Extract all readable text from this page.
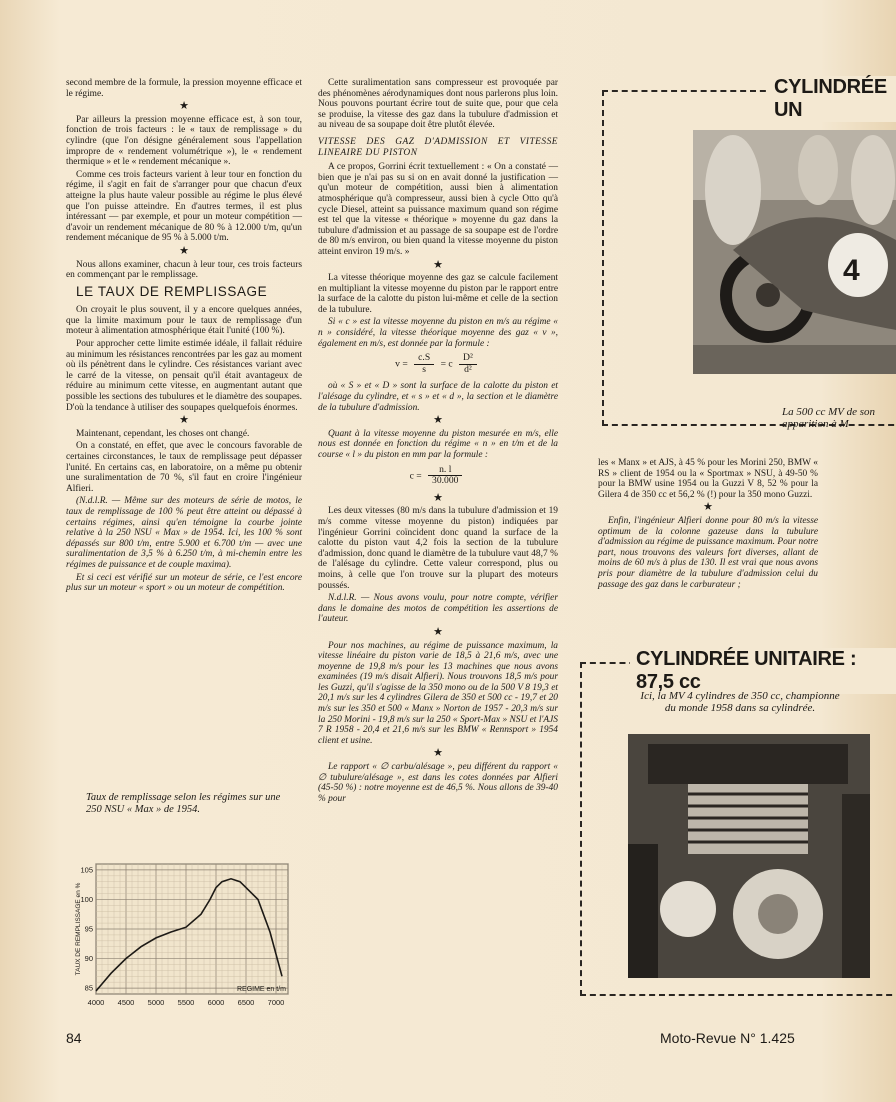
second membre de la formule, la pression moyenne efficace et le régime.

★

Par ailleurs la pression moyenne efficace est, à son tour, fonction de trois facteurs : le « taux de remplissage » du cylindre (que l'on désigne généralement sous l'appellation impropre de « rendement volumétrique »), le « rendement thermique » et le « rendement mécanique ».

Comme ces trois facteurs varient à leur tour en fonction du régime, il s'agit en fait de s'arranger pour que chacun d'eux atteigne la plus haute valeur possible au régime le plus élevé que l'on puisse atteindre. En d'autres termes, il est plus intéressant — par exemple, et pour un moteur compétition — d'avoir un rendement mécanique de 80 % à 12.000 t/m, qu'un rendement mécanique de 95 % à 5.000 t/m.

★

Nous allons examiner, chacun à leur tour, ces trois facteurs en commençant par le remplissage.

LE TAUX DE REMPLISSAGE

On croyait le plus souvent, il y a encore quelques années, que la limite maximum pour le taux de remplissage d'un moteur à alimentation atmosphérique était l'unité (100 %).

Pour approcher cette limite estimée idéale, il fallait réduire au minimum les résistances rencontrées par les gaz au moment où ils pénètrent dans le cylindre. Ces résistances variant avec le carré de la vitesse, on pensait qu'il était avantageux de réduire au minimum cette vitesse, en augmentant autant que possible les sections des tubulures et le diamètre des soupapes. D'où la tendance à utiliser des soupapes quelquefois énormes.

★

Maintenant, cependant, les choses ont changé.

On a constaté, en effet, que avec le concours favorable de certaines circonstances, le taux de remplissage peut dépasser l'unité. En certains cas, en laboratoire, on a même pu obtenir une suralimentation de 70 %, s'il faut en croire l'ingénieur Alfieri.

(N.d.l.R. — Même sur des moteurs de série de motos, le taux de remplissage de 100 % peut être atteint ou dépassé à certains régimes, ainsi qu'en témoigne la courbe jointe relative à la 250 NSU « Max » de 1954. Ici, les 100 % sont dépassés sur 800 t/m, entre 5.900 et 6.700 t/m — avec une suralimentation de 3,5 % à 6.250 t/m, à mi-chemin entre les régimes de puissance et de couple maxima).

Et si ceci est vérifié sur un moteur de série, ce l'est encore plus sur un moteur « sport » ou un moteur de compétition.

Taux de remplissage selon les régimes sur une 250 NSU « Max » de 1954.
4000 4500 5000 5500 6000 6500 7000
85
90
95
100
105
REGIME en t/m
TAUX DE REMPLISSAGE en %

Cette suralimentation sans compresseur est provoquée par des phénomènes aérodynamiques dont nous parlerons plus loin. Nous pouvons pourtant écrire tout de suite que, pour que cela se produise, la vitesse des gaz dans la tubulure d'admission et au niveau de sa soupape doit être plutôt élevée.

VITESSE DES GAZ D'ADMISSION ET VITESSE LINEAIRE DU PISTON

A ce propos, Gorrini écrit textuellement : « On a constaté — bien que je n'ai pas su si on en avait donné la justification — qu'un moteur de compétition, aussi bien à alimentation atmosphérique qu'à compresseur, aussi bien à cycle Otto qu'à cycle Diesel, atteint sa puissance maximum quand son régime est tel que la vitesse « théorique » moyenne du gaz dans la tubulure d'admission et au passage de sa soupape est de l'ordre de 80 m/s environ, ou bien quand la vitesse moyenne du piston atteint environ 19 m/s. »

★

La vitesse théorique moyenne des gaz se calcule facilement en multipliant la vitesse moyenne du piston par le rapport entre la surface de la calotte du piston lui-même et celle de la section de la tubulure.

Si « c » est la vitesse moyenne du piston en m/s au régime « n » considéré, la vitesse théorique moyenne des gaz « v », également en m/s, est donnée par la formule :

$v = \frac{c.S}{s} = c \frac{\text{D²}}{\text{d²}}$

où « S » et « D » sont la surface de la calotte du piston et l'alésage du cylindre, et « s » et « d », la section et le diamètre de la tubulure d'admission.

★

Quant à la vitesse moyenne du piston mesurée en m/s, elle nous est donnée en fonction du régime « n » en t/m et de la course « l » du piston en mm par la formule :

$c = \frac{n. l}{30.000}$
★

Les deux vitesses (80 m/s dans la tubulure d'admission et 19 m/s comme vitesse moyenne du piston) indiquées par l'ingénieur Gorrini coïncident donc quand la surface de la calotte du piston vaut 4,2 fois la section de la tubulure d'admission, donc quand le diamètre de la tubulure vaut 48,7 % de l'alésage du cylindre. Cette valeur correspond, plus ou moins, à celle que l'on trouve sur la plupart des moteurs poussés.

N.d.l.R. — Nous avons voulu, pour notre compte, vérifier dans le domaine des motos de compétition les assertions de l'auteur.

★

Pour nos machines, au régime de puissance maximum, la vitesse linéaire du piston varie de 18,5 à 21,6 m/s, avec une moyenne de 19,8 m/s pour les 13 machines que nous avons examinées (19 m/s disait Alfieri). Nous trouvons 18,5 m/s pour les Guzzi, qu'il s'agisse de la 350 mono ou de la 500 V 8 19,3 et 20,1 m/s sur les 4 cylindres Gilera de 350 et 500 cc - 19,7 et 20 m/s sur les 350 et 500 « Manx » Norton de 1957 - 20,3 m/s sur la 250 Morini - 19,8 m/s sur la 250 « Sport-Max » NSU et l'AJS 7 R 1958 - 20,4 et 21,6 m/s sur les BMW « Rennsport » 1954 client et usine.

★

Le rapport « ∅ carbu/alésage », peu différent du rapport « ∅ tubulure/alésage », est dans les cotes données par Alfieri (45-50 %) : notre moyenne est de 46,5 %. Nous allons de 39-40 % pour

CYLINDRÉE UN
4
La 500 cc MV de son apparition à M

les « Manx » et AJS, à 45 % pour les Morini 250, BMW « RS » client de 1954 ou la « Sportmax » NSU, à 49-50 % pour la BMW usine 1954 ou la Guzzi V 8, 52 % pour la Gilera 4 de 350 cc et 56,2 % (!) pour la 350 mono Guzzi.

★

Enfin, l'ingénieur Alfieri donne pour 80 m/s la vitesse optimum de la colonne gazeuse dans la tubulure d'admission au régime de puissance maximum. Pour notre part, nous trouvons des valeurs fort diverses, allant de moins de 60 m/s à plus de 130. Il est vrai que nous avons pris pour diamètre de la tubulure d'admission celui du passage des gaz dans le carburateur ;

CYLINDRÉE UNITAIRE : 87,5 cc
Ici, la MV 4 cylindres de 350 cc, championne du monde 1958 dans sa cylindrée.
84	Moto-Revue N° 1.425
